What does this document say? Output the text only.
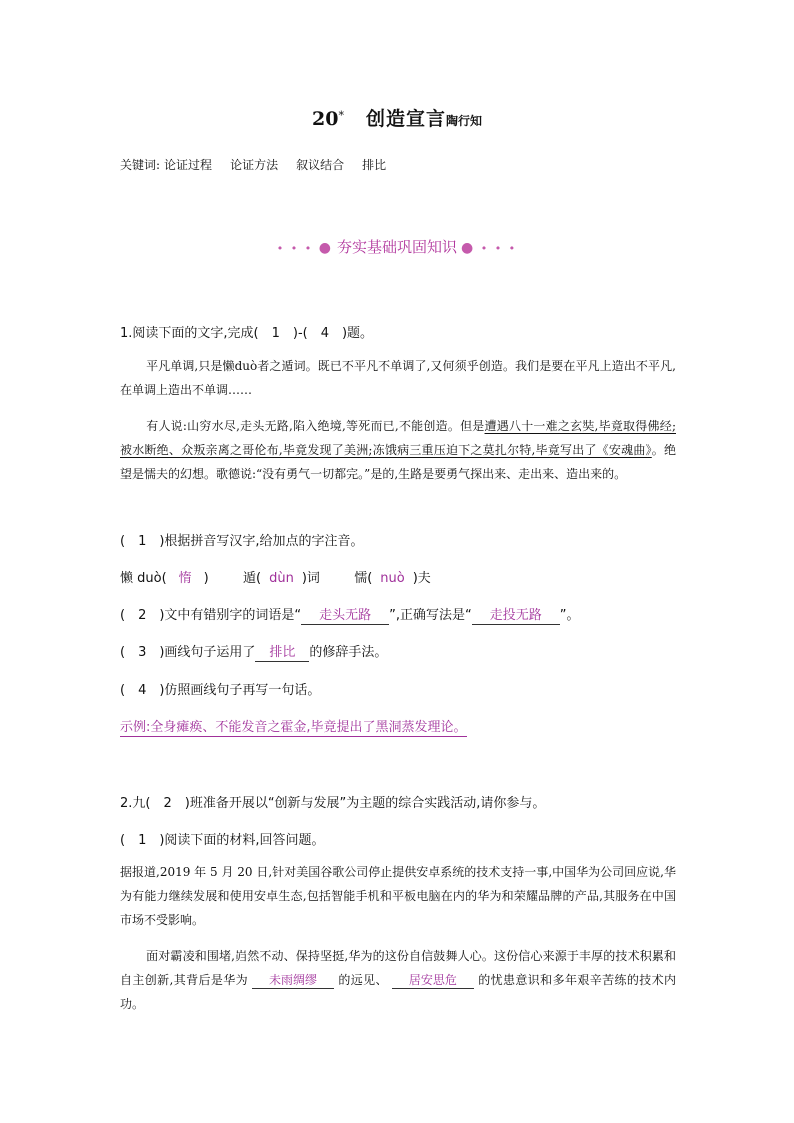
20* 创造宣言陶行知
关键词: 论证过程 论证方法 叙议结合 排比
• • • ● 夯实基础巩固知识 ● • • •
1.阅读下面的文字,完成(　1　)-(　4　)题。
平凡单调,只是懒duò者之遁词。既已不平凡不单调了,又何须乎创造。我们是要在平凡上造出不平凡,在单调上造出不单调……
有人说:山穷水尽,走头无路,陷入绝境,等死而已,不能创造。但是遭遇八十一难之玄奘,毕竟取得佛经;被水断绝、众叛亲离之哥伦布,毕竟发现了美洲;冻饿病三重压迫下之莫扎尔特,毕竟写出了《安魂曲》。绝望是懦夫的幻想。歌德说:“没有勇气一切都完。”是的,生路是要勇气探出来、走出来、造出来的。
(　1　)根据拼音写汉字,给加点的字注音。
懒 duò( 惰 )	遁( dùn )词	懦( nuò )夫
(　2　)文中有错别字的词语是“ 走头无路 ”,正确写法是“ 走投无路 ”。
(　3　)画线句子运用了 排比 的修辞手法。
(　4　)仿照画线句子再写一句话。
示例:全身瘫痪、不能发音之霍金,毕竟提出了黑洞蒸发理论。
2.九(　2　)班准备开展以“创新与发展”为主题的综合实践活动,请你参与。
(　1　)阅读下面的材料,回答问题。
据报道,2019 年 5 月 20 日,针对美国谷歌公司停止提供安卓系统的技术支持一事,中国华为公司回应说,华为有能力继续发展和使用安卓生态,包括智能手机和平板电脑在内的华为和荣耀品牌的产品,其服务在中国市场不受影响。
面对霸凌和围堵,岿然不动、保持坚挺,华为的这份自信鼓舞人心。这份信心来源于丰厚的技术积累和自主创新,其背后是华为 未雨绸缪 的远见、 居安思危 的忧患意识和多年艰辛苦练的技术内功。
